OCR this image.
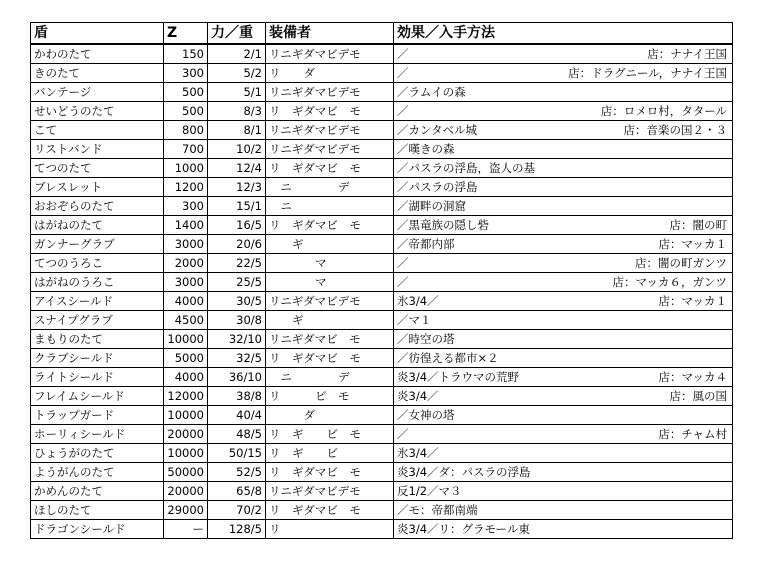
盾	Z	力／重	装備者	効果／入手方法
かわのたて	150	2/1	リニギダマビデモ	／ 店：ナナイ王国

きのたて	300	5/2	リ　　ダ	／ 店：ドラグニール，ナナイ王国

バンテージ	500	5/1	リニギダマビデモ	／ラムイの森

せいどうのたて	500	8/3	リ　ギダマビ　モ	／ 店：ロメロ村，タタール

こて	800	8/1	リニギダマビデモ	／カンタベル城 店：音楽の国２・３

リストバンド	700	10/2	リニギダマビデモ	／嘆きの森

てつのたて	1000	12/4	リ　ギダマビ　モ	／パスラの浮島，盗人の基

ブレスレット	1200	12/3	　ニ　　　　デ	／パスラの浮島

おおぞらのたて	300	15/1	　ニ	／湖畔の洞窟

はがねのたて	1400	16/5	リ　ギダマビ　モ	／黒竜族の隠し砦 店：闇の町

ガンナーグラブ	3000	20/6	　　ギ	／帝都内部 店：マッカ１

てつのうろこ	2000	22/5	　　　　マ	／ 店：闇の町ガンツ

はがねのうろこ	3000	25/5	　　　　マ	／ 店：マッカ６，ガンツ

アイスシールド	4000	30/5	リニギダマビデモ	氷3/4／ 店：マッカ１

スナイプグラブ	4500	30/8	　　ギ	／マ１

まもりのたて	10000	32/10	リニギダマビ　モ	／時空の塔

クラブシールド	5000	32/5	リ　ギダマビ　モ	／彷徨える都市×２

ライトシールド	4000	36/10	　ニ　　　　デ	炎3/4／トラウマの荒野 店：マッカ４

フレイムシールド	12000	38/8	リ　　　ビ　モ	炎3/4／ 店：風の国

トラップガード	10000	40/4	　　　ダ	／女神の塔

ホーリィシールド	20000	48/5	リ　ギ　　ビ　モ	／ 店：チャム村

ひょうがのたて	10000	50/15	リ　ギ　　ビ	氷3/4／

ようがんのたて	50000	52/5	リ　ギダマビ　モ	炎3/4／ダ：パスラの浮島

かめんのたて	20000	65/8	リニギダマビデモ	反1/2／マ３

ほしのたて	29000	70/2	リ　ギダマビ　モ	／モ：帝都南端

ドラゴンシールド	ー	128/5	リ	炎3/4／リ：グラモール東
